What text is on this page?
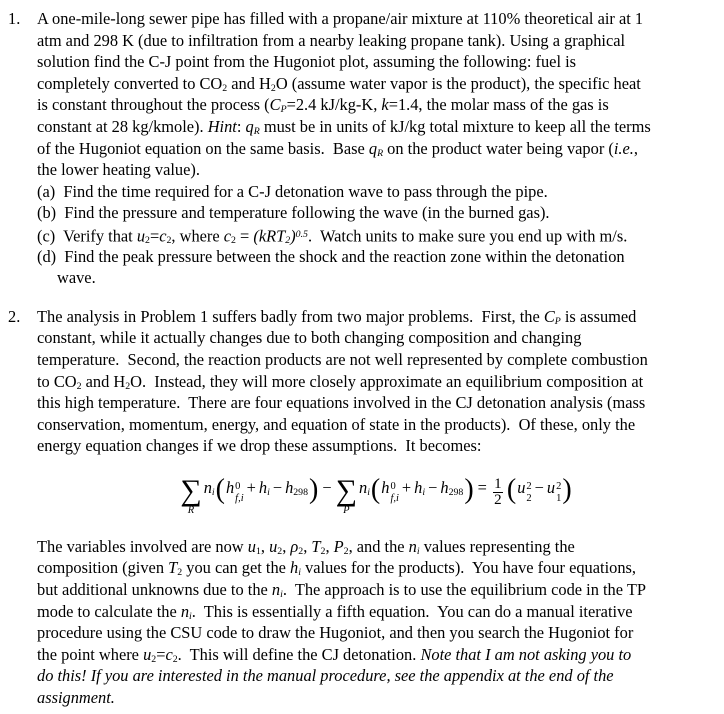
1.	A one-mile-long sewer pipe has filled with a propane/air mixture at 110% theoretical air at 1
atm and 298 K (due to infiltration from a nearby leaking propane tank). Using a graphical
solution find the C-J point from the Hugoniot plot, assuming the following: fuel is
completely converted to CO2 and H2O (assume water vapor is the product), the specific heat
is constant throughout the process (CP=2.4 kJ/kg-K, k=1.4, the molar mass of the gas is
constant at 28 kg/kmole). Hint: qR must be in units of kJ/kg total mixture to keep all the terms
of the Hugoniot equation on the same basis.  Base qR on the product water being vapor (i.e.,
the lower heating value).
(a)  Find the time required for a C-J detonation wave to pass through the pipe.
(b)  Find the pressure and temperature following the wave (in the burned gas).
(c)  Verify that u2=c2, where $c2 = (kRT2)^{0.5}$.  Watch units to make sure you end up with m/s.
(d)  Find the peak pressure between the shock and the reaction zone within the detonation
wave.
2.	The analysis in Problem 1 suffers badly from two major problems.  First, the CP is assumed
constant, while it actually changes due to both changing composition and changing
temperature.  Second, the reaction products are not well represented by complete combustion
to CO2 and H2O.  Instead, they will more closely approximate an equilibrium composition at
this high temperature.  There are four equations involved in the CJ detonation analysis (mass
conservation, momentum, energy, and equation of state in the products).  Of these, only the
energy equation changes if we drop these assumptions.  It becomes:
∑
R
ni(h 0
f,i
+ hi − h298) − ∑
P
ni(h 0
f,i
+ hi − $h298) = \frac{1}{2} (u$ 2
2
− u 2
1 )
The variables involved are now u1, u2, ρ2, T2, P2, and the ni values representing the
composition (given T2 you can get the hi values for the products).  You have four equations,
but additional unknowns due to the ni.  The approach is to use the equilibrium code in the TP
mode to calculate the ni.  This is essentially a fifth equation.  You can do a manual iterative
procedure using the CSU code to draw the Hugoniot, and then you search the Hugoniot for
the point where u2=c2.  This will define the CJ detonation. Note that I am not asking you to
do this! If you are interested in the manual procedure, see the appendix at the end of the
assignment.
